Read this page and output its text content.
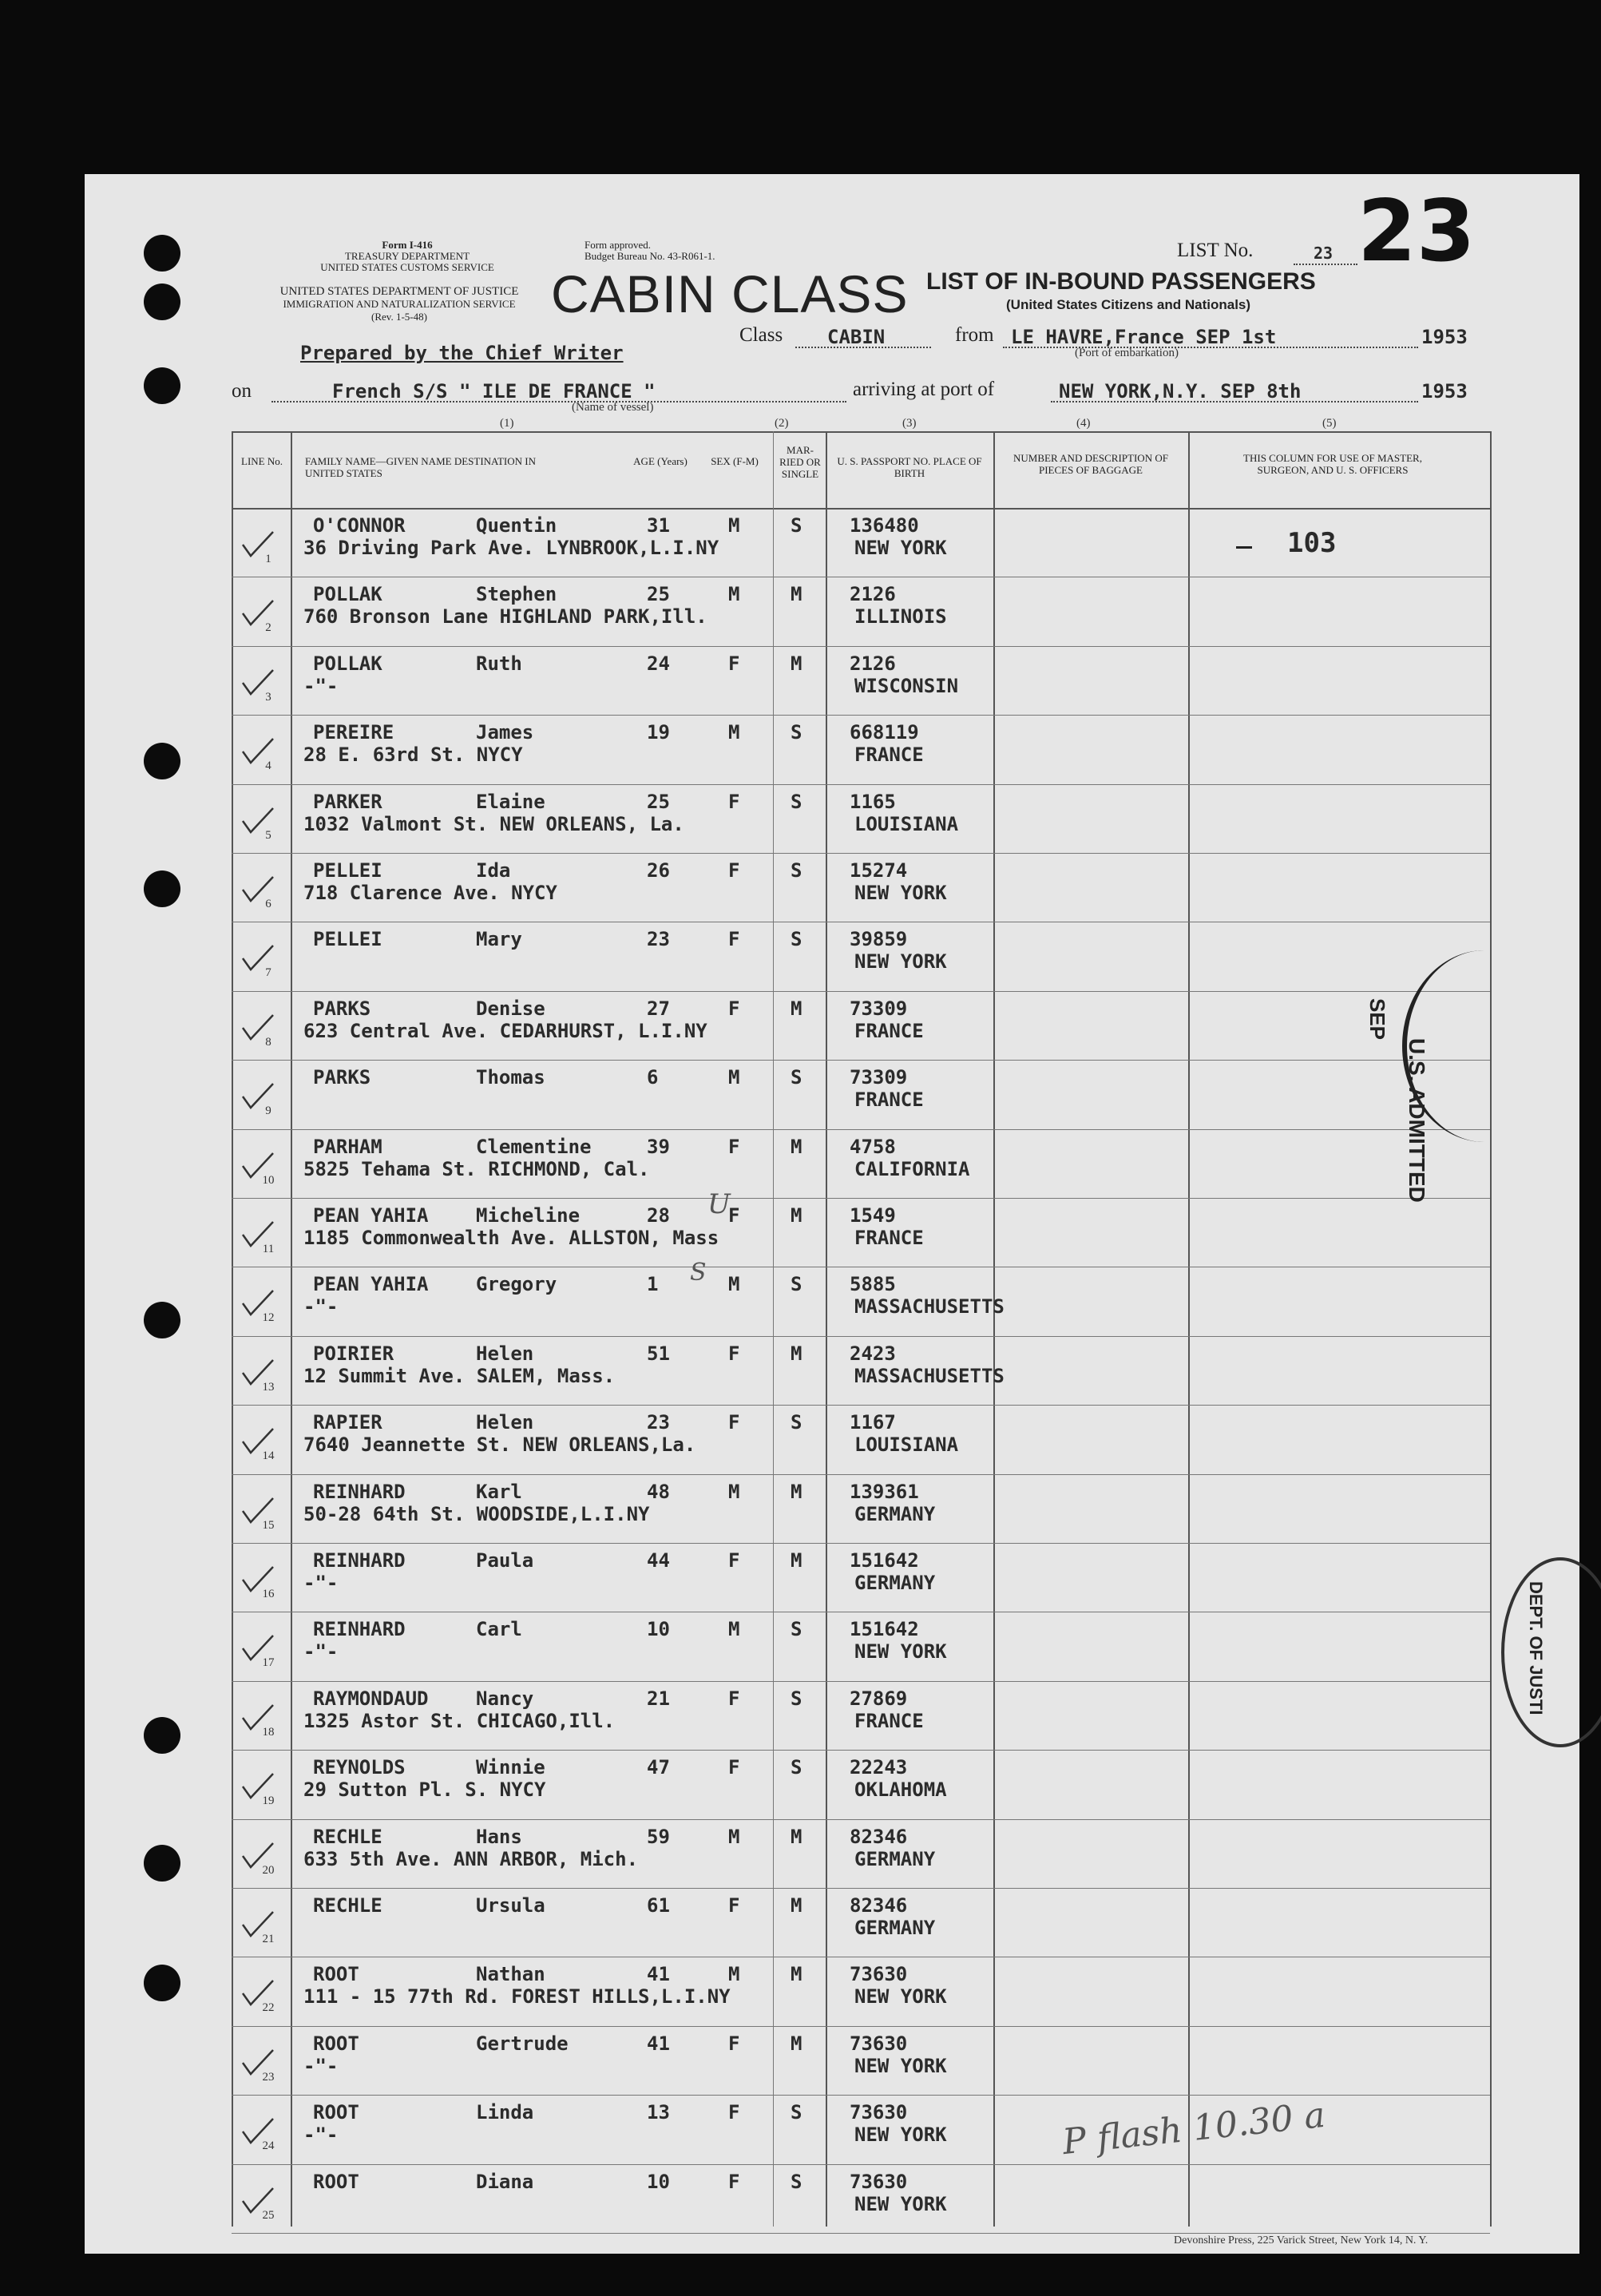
Form I-416
TREASURY DEPARTMENT
UNITED STATES CUSTOMS SERVICE
UNITED STATES DEPARTMENT OF JUSTICE
IMMIGRATION AND NATURALIZATION SERVICE
(Rev. 1-5-48)
Form approved.
Budget Bureau No. 43-R061-1.
CABIN CLASS LIST OF IN-BOUND PASSENGERS
(United States Citizens and Nationals)
LIST No.	23 23
Prepared by the Chief Writer
Class CABIN	from LE HAVRE,France SEP 1st	1953
(Port of embarkation)
on	French S/S " ILE DE FRANCE "
(Name of vessel)
arriving at port of	NEW YORK,N.Y. SEP 8th	1953
(1)	(2)	(3)	(4)	(5)
LINE No.	FAMILY NAME—GIVEN NAME DESTINATION IN UNITED STATES
AGE (Years) SEX (F-M)
MAR-RIED OR SINGLE
U. S. PASSPORT NO. PLACE OF BIRTH
NUMBER AND DESCRIPTION OF PIECES OF BAGGAGE
THIS COLUMN FOR USE OF MASTER, SURGEON, AND U. S. OFFICERS
103
1
O'CONNOR	Quentin	31	M	S 136480
36 Driving Park Ave. LYNBROOK,L.I.NY	NEW YORK
2
POLLAK	Stephen	25	M	M 2126
760 Bronson Lane HIGHLAND PARK,Ill.	ILLINOIS
3
POLLAK	Ruth	24	F	M 2126
-"-	WISCONSIN
4
PEREIRE	James	19	M	S 668119
28 E. 63rd St. NYCY	FRANCE
5
PARKER	Elaine	25	F	S 1165
1032 Valmont St. NEW ORLEANS, La.	LOUISIANA
6
PELLEI	Ida	26	F	S 15274
718 Clarence Ave. NYCY	NEW YORK
7
PELLEI	Mary	23	F	S 39859
NEW YORK
8
PARKS	Denise	27	F	M 73309
623 Central Ave. CEDARHURST, L.I.NY	FRANCE
9
PARKS	Thomas	6	M	S 73309
FRANCE
10
PARHAM	Clementine	39	F	M 4758
5825 Tehama St. RICHMOND, Cal.	CALIFORNIA
11
PEAN YAHIA Micheline	28	F	M 1549
1185 Commonwealth Ave. ALLSTON, Mass	FRANCE
12
PEAN YAHIA Gregory	1	M	S 5885
-"-	MASSACHUSETTS
13
POIRIER	Helen	51	F	M 2423
12 Summit Ave. SALEM, Mass.	MASSACHUSETTS
14
RAPIER	Helen	23	F	S 1167
7640 Jeannette St. NEW ORLEANS,La.	LOUISIANA
15
REINHARD	Karl	48	M	M 139361
50-28 64th St. WOODSIDE,L.I.NY	GERMANY
16
REINHARD	Paula	44	F	M 151642
-"-	GERMANY
17
REINHARD	Carl	10	M	S 151642
-"-	NEW YORK
18
RAYMONDAUD Nancy	21	F	S 27869
1325 Astor St. CHICAGO,Ill.	FRANCE
19
REYNOLDS	Winnie	47	F	S 22243
29 Sutton Pl. S. NYCY	OKLAHOMA
20
RECHLE	Hans	59	M	M 82346
633 5th Ave. ANN ARBOR, Mich.	GERMANY
21
RECHLE	Ursula	61	F	M 82346
GERMANY
22
ROOT	Nathan	41	M	M 73630
111 - 15 77th Rd. FOREST HILLS,L.I.NY	NEW YORK
23
ROOT	Gertrude	41	F	M 73630
-"-	NEW YORK
24
ROOT	Linda	13	F	S 73630
-"-	NEW YORK
25
ROOT	Diana	10	F	S 73630
NEW YORK
U.S. ADMITTED
SEP
DEPT. OF JUSTI
P flash 10.30 a
U
S
Devonshire Press, 225 Varick Street, New York 14, N. Y.
